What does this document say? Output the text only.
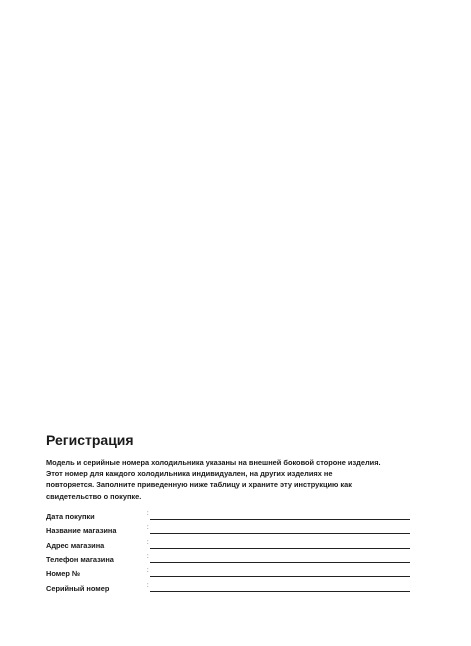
Регистрация

Модель и серийные номера холодильника указаны на внешней боковой стороне изделия.
Этот номер для каждого холодильника индивидуален, на других изделиях не
повторяется. Заполните приведенную ниже таблицу и храните эту инструкцию как
свидетельство о покупке.

Дата покупки	:
Название магазина	:
Адрес магазина	:
Телефон магазина	:
Номер №	:
Серийный номер	:
